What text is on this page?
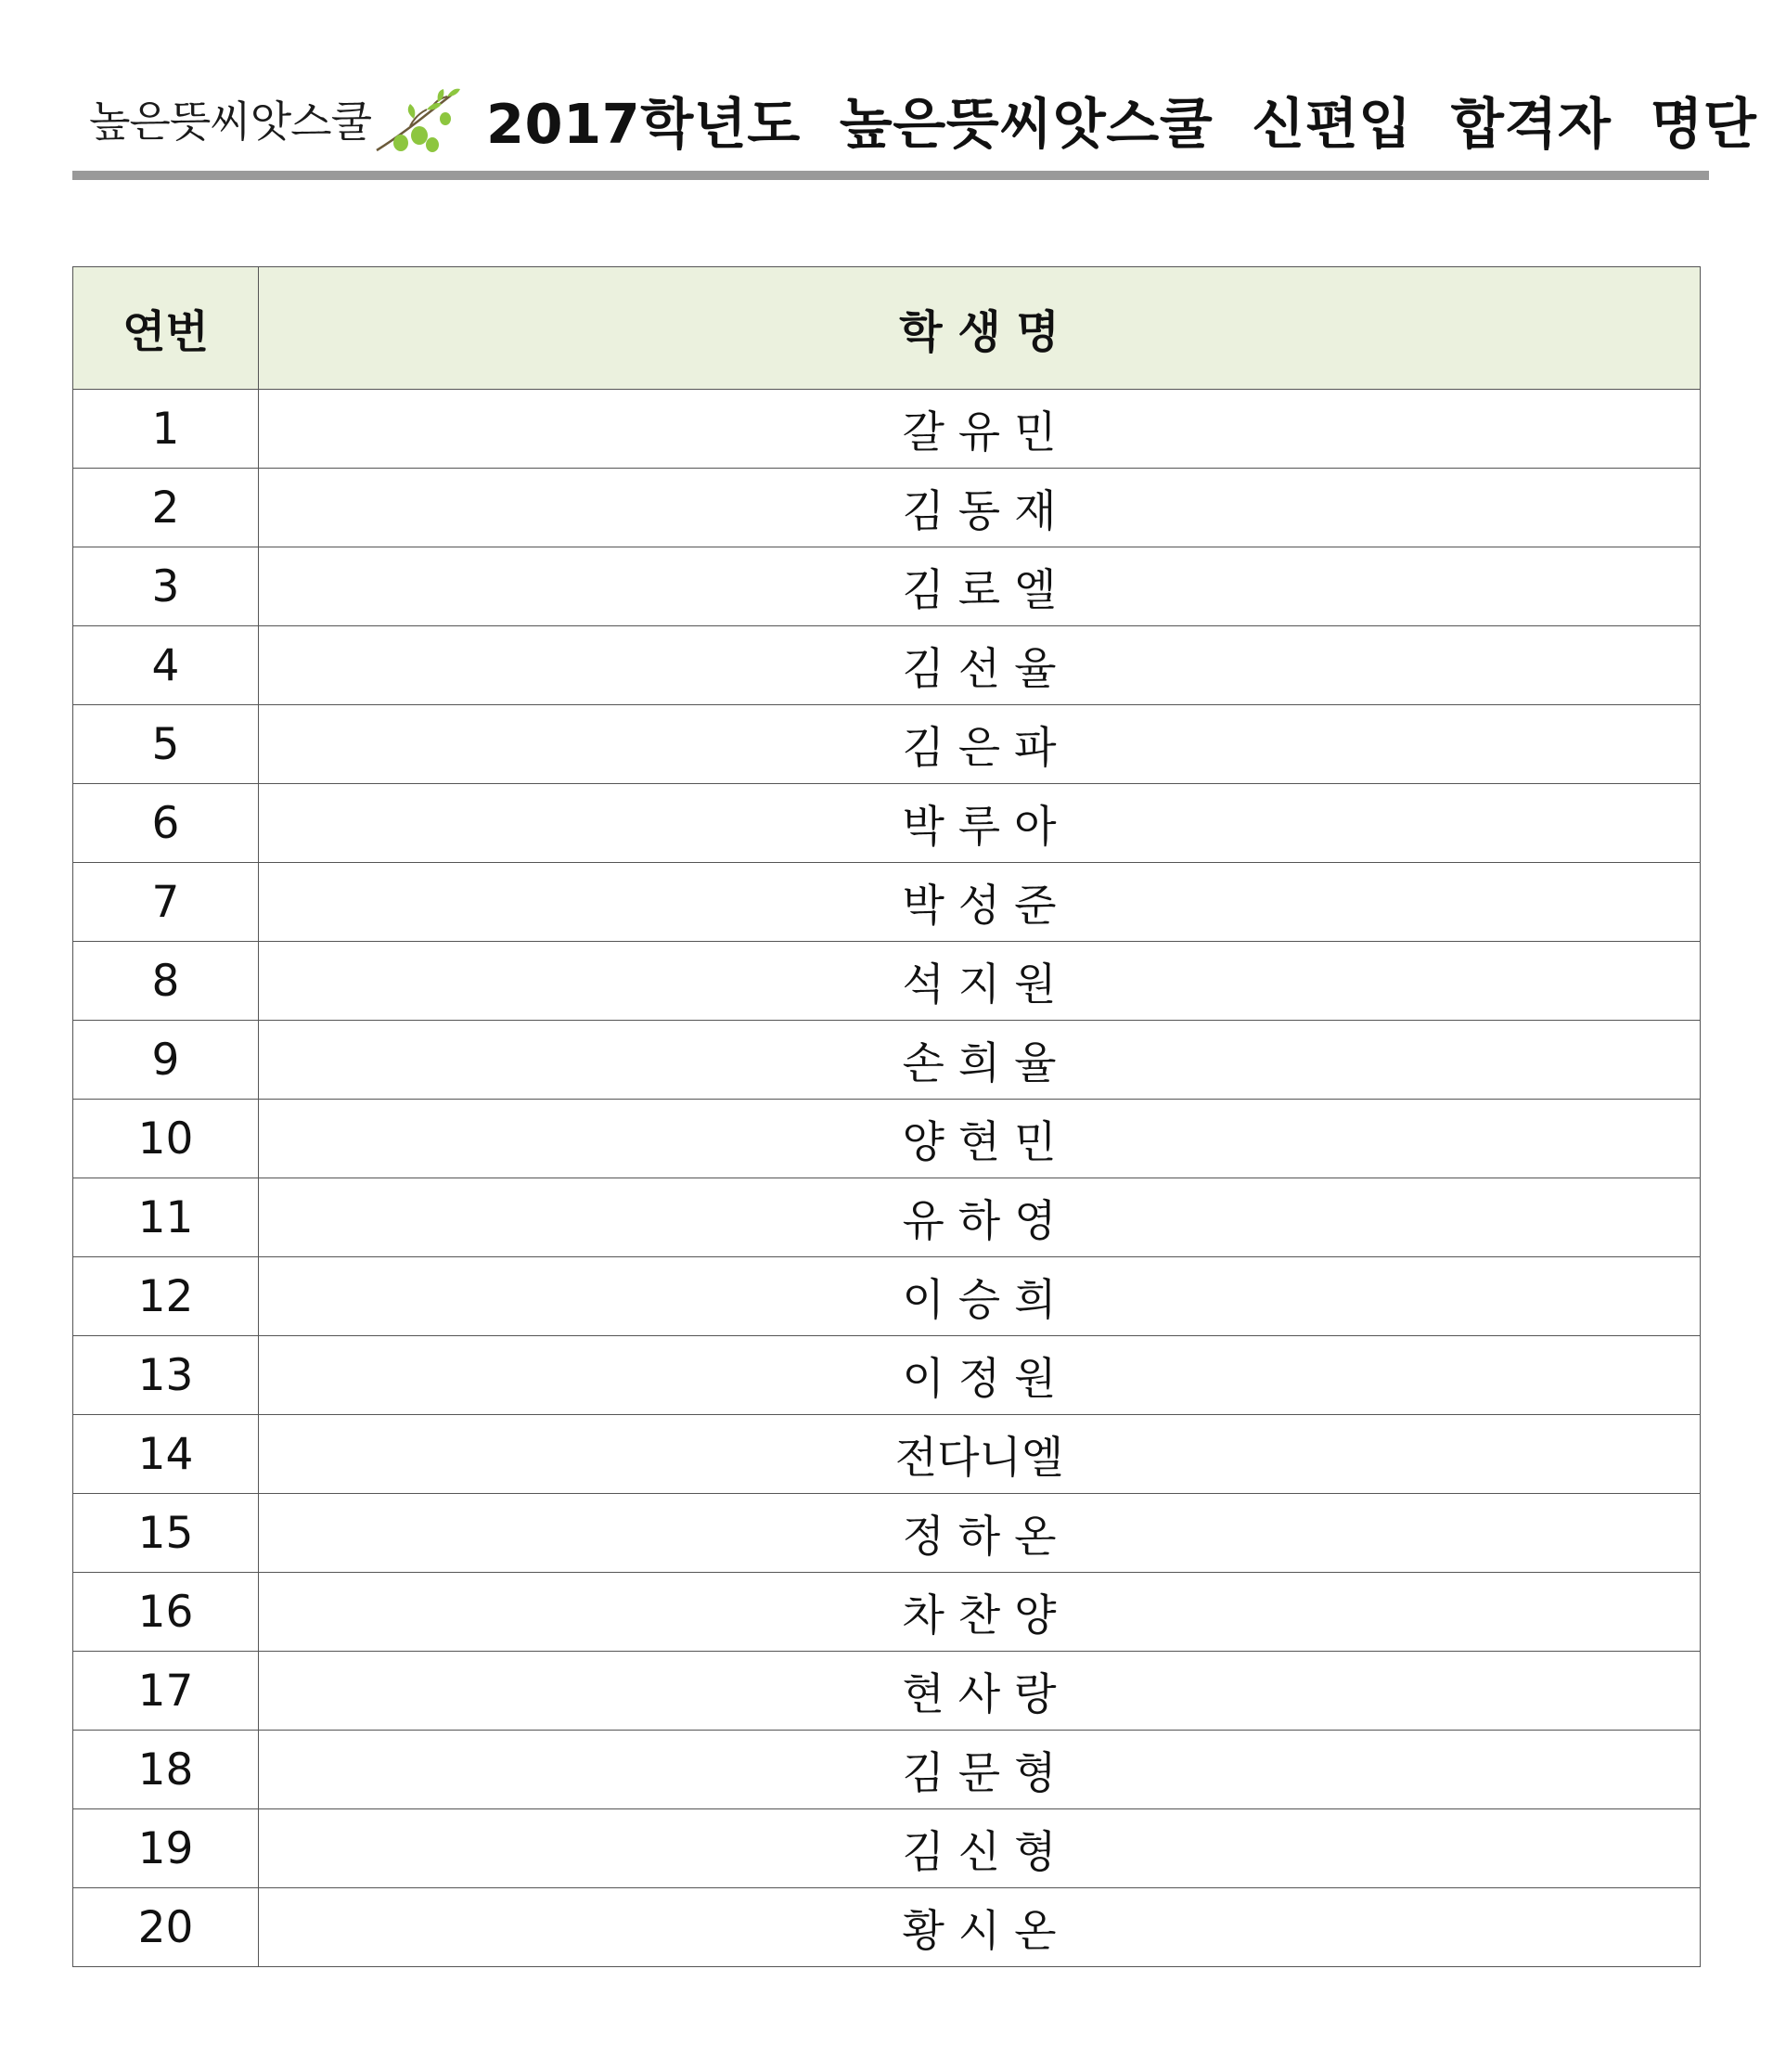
높은뜻씨앗스쿨 2017학년도  높은뜻씨앗스쿨  신편입  합격자  명단
연번	학 생 명
1	갈 유 민
2	김 동 재
3	김 로 엘
4	김 선 율
5	김 은 파
6	박 루 아
7	박 성 준
8	석 지 원
9	손 희 율
10	양 현 민
11	유 하 영
12	이 승 희
13	이 정 원
14	전다니엘
15	정 하 온
16	차 찬 양
17	현 사 랑
18	김 문 형
19	김 신 형
20	황 시 온
